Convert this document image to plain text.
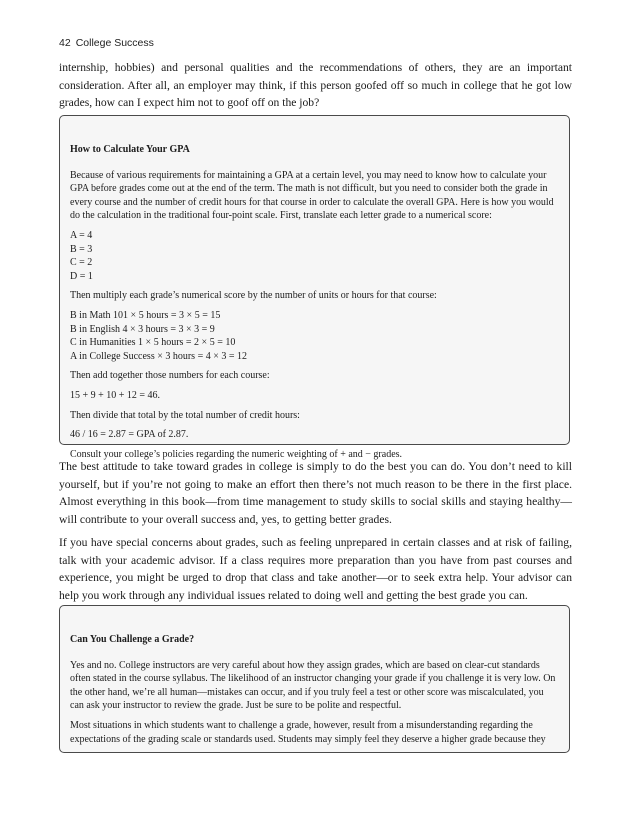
42 College Success

internship, hobbies) and personal qualities and the recommendations of others, they are an important consideration. After all, an employer may think, if this person goofed off so much in college that he got low grades, how can I expect him not to goof off on the job?

How to Calculate Your GPA

Because of various requirements for maintaining a GPA at a certain level, you may need to know how to calculate your GPA before grades come out at the end of the term. The math is not difficult, but you need to consider both the grade in every course and the number of credit hours for that course in order to calculate the overall GPA. Here is how you would do the calculation in the traditional four-point scale. First, translate each letter grade to a numerical score:

A = 4

B = 3

C = 2

D = 1

Then multiply each grade’s numerical score by the number of units or hours for that course:

B in Math 101 × 5 hours = 3 × 5 = 15

B in English 4 × 3 hours = 3 × 3 = 9

C in Humanities 1 × 5 hours = 2 × 5 = 10

A in College Success × 3 hours = 4 × 3 = 12

Then add together those numbers for each course:

15 + 9 + 10 + 12 = 46.

Then divide that total by the total number of credit hours:

46 / 16 = 2.87 = GPA of 2.87.

Consult your college’s policies regarding the numeric weighting of + and − grades.

The best attitude to take toward grades in college is simply to do the best you can do. You don’t need to kill yourself, but if you’re not going to make an effort then there’s not much reason to be there in the first place. Almost everything in this book—from time management to study skills to social skills and staying healthy—will contribute to your overall success and, yes, to getting better grades.

If you have special concerns about grades, such as feeling unprepared in certain classes and at risk of failing, talk with your academic advisor. If a class requires more preparation than you have from past courses and experience, you might be urged to drop that class and take another—or to seek extra help. Your advisor can help you work through any individual issues related to doing well and getting the best grade you can.

Can You Challenge a Grade?

Yes and no. College instructors are very careful about how they assign grades, which are based on clear-cut standards often stated in the course syllabus. The likelihood of an instructor changing your grade if you challenge it is very low. On the other hand, we’re all human—mistakes can occur, and if you truly feel a test or other score was miscalculated, you can ask your instructor to review the grade. Just be sure to be polite and respectful.

Most situations in which students want to challenge a grade, however, result from a misunderstanding regarding the expectations of the grading scale or standards used. Students may simply feel they deserve a higher grade because they
